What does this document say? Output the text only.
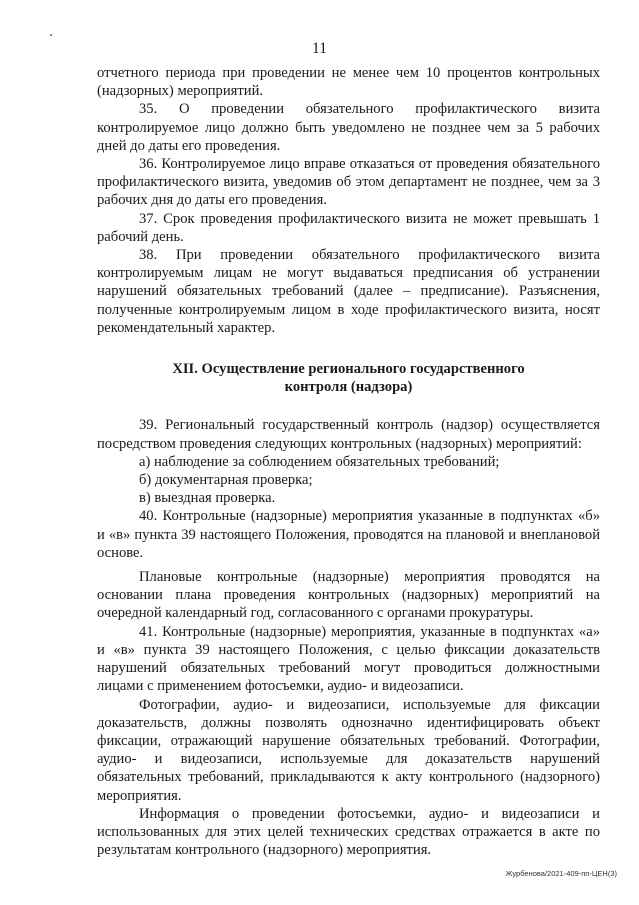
11

отчетного периода при проведении не менее чем 10 процентов контрольных (надзорных) мероприятий.

35. О проведении обязательного профилактического визита контролируемое лицо должно быть уведомлено не позднее чем за 5 рабочих дней до даты его проведения.

36. Контролируемое лицо вправе отказаться от проведения обязательного профилактического визита, уведомив об этом департамент не позднее, чем за 3 рабочих дня до даты его проведения.

37. Срок проведения профилактического визита не может превышать 1 рабочий день.

38. При проведении обязательного профилактического визита контролируемым лицам не могут выдаваться предписания об устранении нарушений обязательных требований (далее – предписание). Разъяснения, полученные контролируемым лицом в ходе профилактического визита, носят рекомендательный характер.

XII. Осуществление регионального государственного
контроля (надзора)

39. Региональный государственный контроль (надзор) осуществляется посредством проведения следующих контрольных (надзорных) мероприятий:

а) наблюдение за соблюдением обязательных требований;

б) документарная проверка;

в) выездная проверка.

40. Контрольные (надзорные) мероприятия указанные в подпунктах «б» и «в» пункта 39 настоящего Положения, проводятся на плановой и внеплановой основе.

Плановые контрольные (надзорные) мероприятия проводятся на основании плана проведения контрольных (надзорных) мероприятий на очередной календарный год, согласованного с органами прокуратуры.

41. Контрольные (надзорные) мероприятия, указанные в подпунктах «а» и «в» пункта 39 настоящего Положения, с целью фиксации доказательств нарушений обязательных требований могут проводиться должностными лицами с применением фотосъемки, аудио- и видеозаписи.

Фотографии, аудио- и видеозаписи, используемые для фиксации доказательств, должны позволять однозначно идентифицировать объект фиксации, отражающий нарушение обязательных требований. Фотографии, аудио- и видеозаписи, используемые для доказательств нарушений обязательных требований, прикладываются к акту контрольного (надзорного) мероприятия.

Информация о проведении фотосъемки, аудио- и видеозаписи и использованных для этих целей технических средствах отражается в акте по результатам контрольного (надзорного) мероприятия.

Журбенова/2021-409-пп-ЦЕН(3)
